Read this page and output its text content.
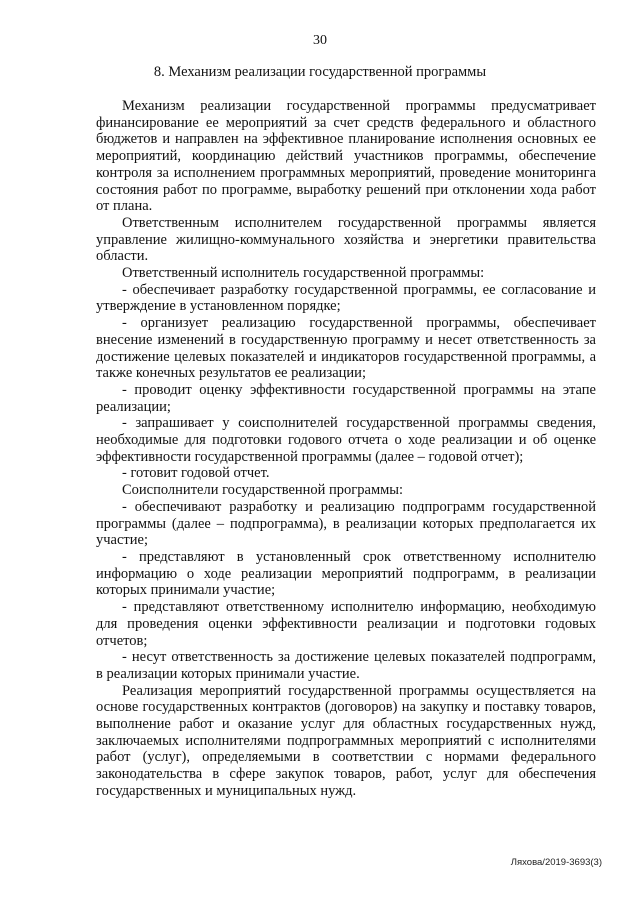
30
8. Механизм реализации государственной программы

Механизм реализации государственной программы предусматривает финансирование ее мероприятий за счет средств федерального и областного бюджетов и направлен на эффективное планирование исполнения основных ее мероприятий, координацию действий участников программы, обеспечение контроля за исполнением программных мероприятий, проведение мониторинга состояния работ по программе, выработку решений при отклонении хода работ от плана.

Ответственным исполнителем государственной программы является управление жилищно-коммунального хозяйства и энергетики правительства области.

Ответственный исполнитель государственной программы:

- обеспечивает разработку государственной программы, ее согласование и утверждение в установленном порядке;

- организует реализацию государственной программы, обеспечивает внесение изменений в государственную программу и несет ответственность за достижение целевых показателей и индикаторов государственной программы, а также конечных результатов ее реализации;

- проводит оценку эффективности государственной программы на этапе реализации;

- запрашивает у соисполнителей государственной программы сведения, необходимые для подготовки годового отчета о ходе реализации и об оценке эффективности государственной программы (далее – годовой отчет);

- готовит годовой отчет.

Соисполнители государственной программы:

- обеспечивают разработку и реализацию подпрограмм государственной программы (далее – подпрограмма), в реализации которых предполагается их участие;

- представляют в установленный срок ответственному исполнителю информацию о ходе реализации мероприятий подпрограмм, в реализации которых принимали участие;

- представляют ответственному исполнителю информацию, необходимую для проведения оценки эффективности реализации и подготовки годовых отчетов;

- несут ответственность за достижение целевых показателей подпрограмм, в реализации которых принимали участие.

Реализация мероприятий государственной программы осуществляется на основе государственных контрактов (договоров) на закупку и поставку товаров, выполнение работ и оказание услуг для областных государственных нужд, заключаемых исполнителями подпрограммных мероприятий с исполнителями работ (услуг), определяемыми в соответствии с нормами федерального законодательства в сфере закупок товаров, работ, услуг для обеспечения государственных и муниципальных нужд.

Ляхова/2019-3693(3)
